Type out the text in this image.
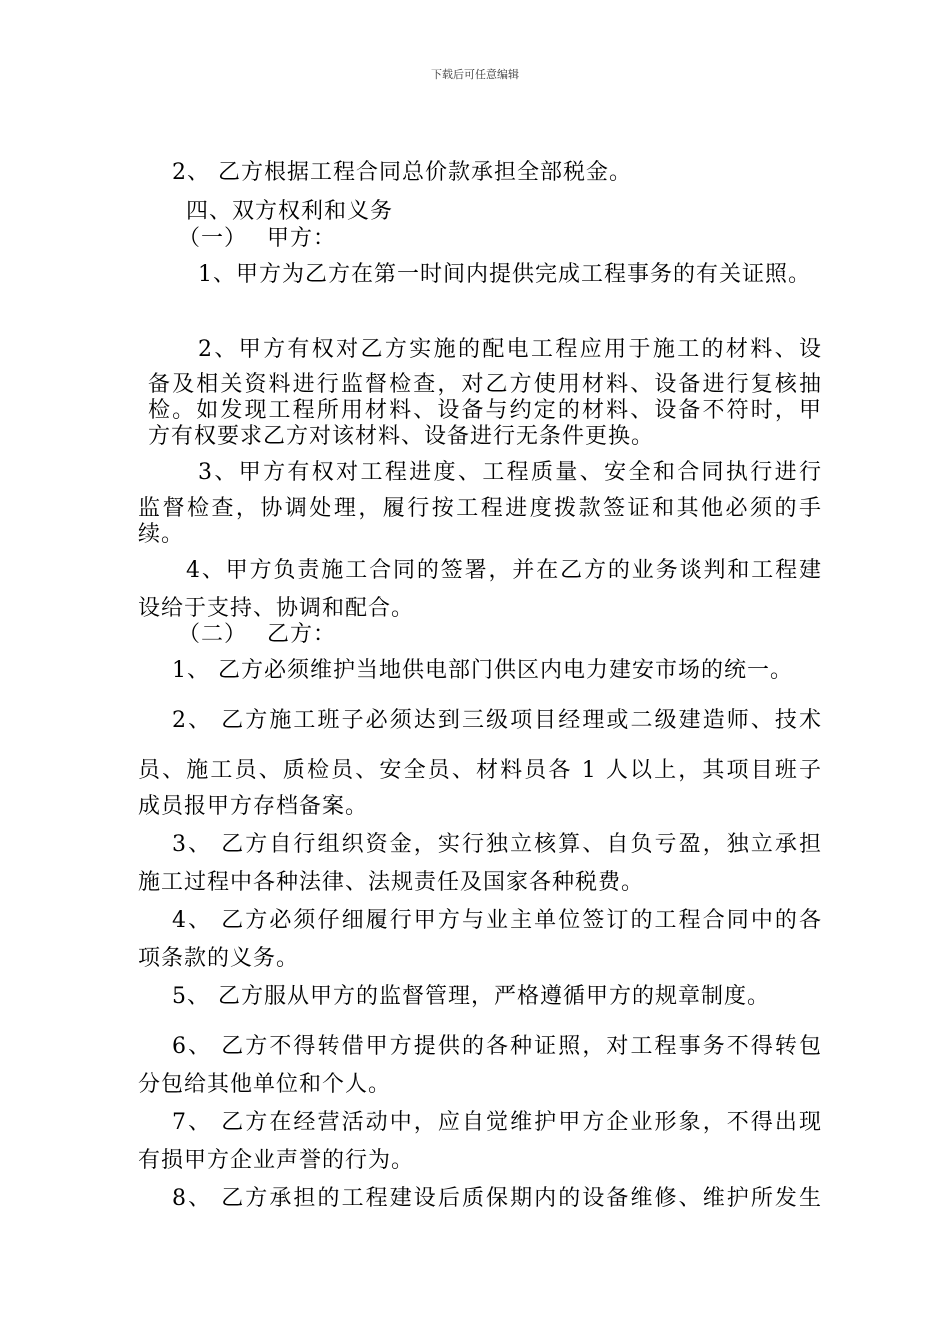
下载后可任意编辑
2、 乙方根据工程合同总价款承担全部税金。
四、双方权利和义务
（一）　 甲方：
1、甲方为乙方在第一时间内提供完成工程事务的有关证照。
2、甲方有权对乙方实施的配电工程应用于施工的材料、设
备及相关资料进行监督检查，对乙方使用材料、设备进行复核抽
检。如发现工程所用材料、设备与约定的材料、设备不符时，甲
方有权要求乙方对该材料、设备进行无条件更换。
3、甲方有权对工程进度、工程质量、安全和合同执行进行
监督检查，协调处理，履行按工程进度拨款签证和其他必须的手
续。
4、甲方负责施工合同的签署，并在乙方的业务谈判和工程建
设给于支持、协调和配合。
（二）　 乙方：
1、 乙方必须维护当地供电部门供区内电力建安市场的统一。
2、 乙方施工班子必须达到三级项目经理或二级建造师、技术
员、施工员、质检员、安全员、材料员各 1 人以上，其项目班子
成员报甲方存档备案。
3、 乙方自行组织资金，实行独立核算、自负亏盈，独立承担
施工过程中各种法律、法规责任及国家各种税费。
4、 乙方必须仔细履行甲方与业主单位签订的工程合同中的各
项条款的义务。
5、 乙方服从甲方的监督管理，严格遵循甲方的规章制度。
6、 乙方不得转借甲方提供的各种证照，对工程事务不得转包
分包给其他单位和个人。
7、 乙方在经营活动中，应自觉维护甲方企业形象，不得出现
有损甲方企业声誉的行为。
8、 乙方承担的工程建设后质保期内的设备维修、维护所发生
